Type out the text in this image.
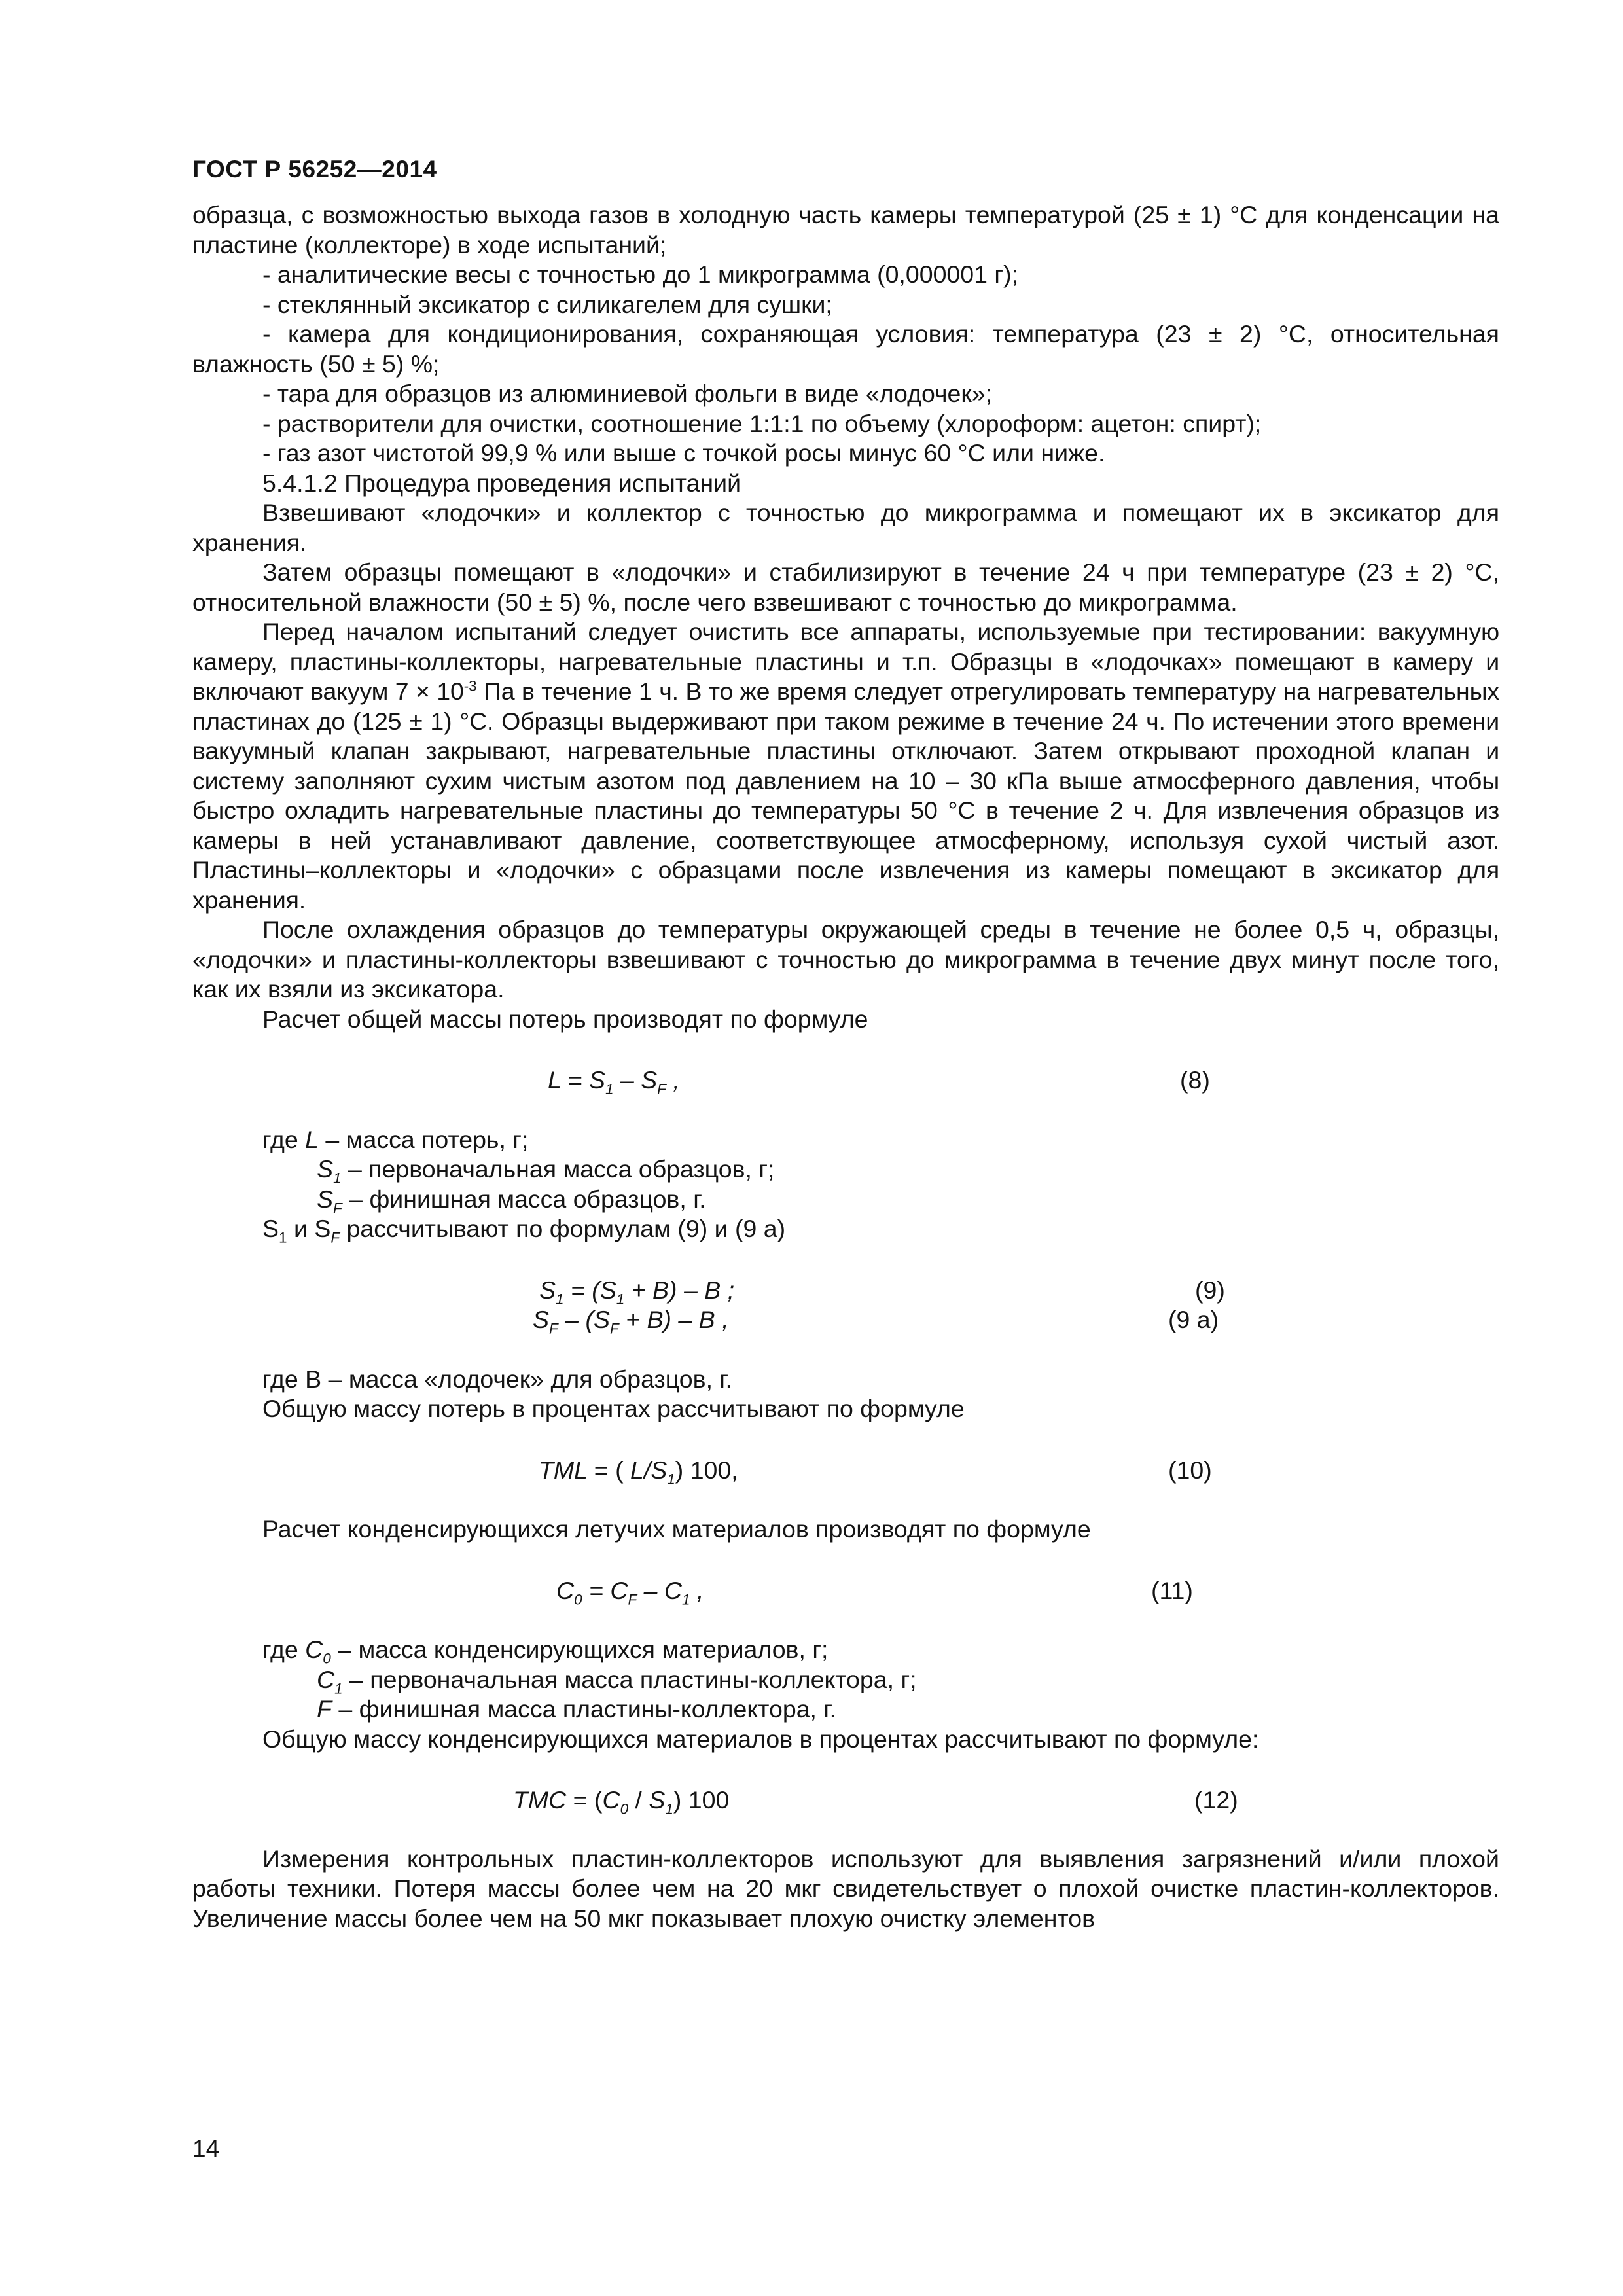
ГОСТ Р 56252—2014

образца, с возможностью выхода газов в холодную часть камеры температурой (25 ± 1) °С для конденсации на пластине (коллекторе) в ходе испытаний;

- аналитические весы с точностью до 1 микрограмма (0,000001 г);

- стеклянный эксикатор с силикагелем для сушки;

- камера для кондиционирования, сохраняющая условия: температура (23 ± 2) °С, относительная влажность (50 ± 5) %;

- тара для образцов из алюминиевой фольги в виде «лодочек»;

- растворители для очистки, соотношение 1:1:1 по объему (хлороформ: ацетон: спирт);

- газ азот чистотой 99,9 % или выше с точкой росы минус 60 °С или ниже.

5.4.1.2 Процедура проведения испытаний

Взвешивают «лодочки» и коллектор с точностью до микрограмма и помещают их в эксикатор для хранения.

Затем образцы помещают в «лодочки» и стабилизируют в течение 24 ч при температуре (23 ± 2) °С, относительной влажности (50 ± 5) %, после чего взвешивают с точностью до микрограмма.

Перед началом испытаний следует очистить все аппараты, используемые при тестировании: вакуумную камеру, пластины-коллекторы, нагревательные пластины и т.п. Образцы в «лодочках» помещают в камеру и включают вакуум $7 \times 10^{-3}$ Па в течение 1 ч. В то же время следует отрегулировать температуру на нагревательных пластинах до (125 ± 1) °С. Образцы выдерживают при таком режиме в течение 24 ч. По истечении этого времени вакуумный клапан закрывают, нагревательные пластины отключают. Затем открывают проходной клапан и систему заполняют сухим чистым азотом под давлением на 10 – 30 кПа выше атмосферного давления, чтобы быстро охладить нагревательные пластины до температуры 50 °С в течение 2 ч. Для извлечения образцов из камеры в ней устанавливают давление, соответствующее атмосферному, используя сухой чистый азот. Пластины–коллекторы и «лодочки» с образцами после извлечения из камеры помещают в эксикатор для хранения.

После охлаждения образцов до температуры окружающей среды в течение не более 0,5 ч, образцы, «лодочки» и пластины-коллекторы взвешивают с точностью до микрограмма в течение двух минут после того, как их взяли из эксикатора.

Расчет общей массы потерь производят по формуле

$L = S_1 - S_F$ ,	(8)

где L – масса потерь, г;

$S_1$ – первоначальная масса образцов, г;

$S_F$ – финишная масса образцов, г.

$S_1$ и $S_F$ рассчитывают по формулам (9) и (9 а)

$S_1 = (S_1 + B) - B$ ;	(9)
$S_F - (S_F + B) - B$ ,	(9 а)

где В – масса «лодочек» для образцов, г.

Общую массу потерь в процентах рассчитывают по формуле

TML = ( $L/S_1$) 100,	(10)

Расчет конденсирующихся летучих материалов производят по формуле

$C_0 = C_F - C_1$ ,	(11)

где $C_0$ – масса конденсирующихся материалов, г;

$C_1$ – первоначальная масса пластины-коллектора, г;

F – финишная масса пластины-коллектора, г.

Общую массу конденсирующихся материалов в процентах рассчитывают по формуле:

TMC = $(C_0 / S_1)$ 100	(12)

Измерения контрольных пластин-коллекторов используют для выявления загрязнений и/или плохой работы техники. Потеря массы более чем на 20 мкг свидетельствует о плохой очистке пластин-коллекторов. Увеличение массы более чем на 50 мкг показывает плохую очистку элементов

14
